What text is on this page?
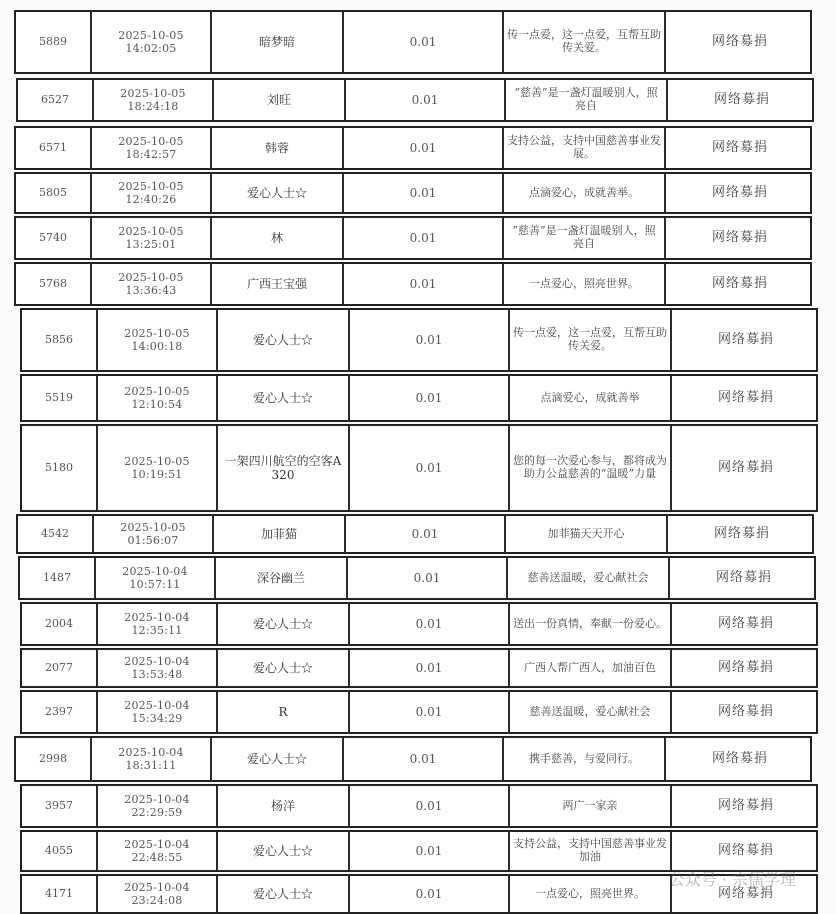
5889
2025-10-05
14:02:05	暗梦暗	0.01	传一点爱，这一点爱，互帮互助传关爱。	网络募捐
6527
2025-10-05
18:24:18	刘旺	0.01	“慈善”是一盏灯温暖别人，照亮自	网络募捐
6571
2025-10-05
18:42:57	韩蓉	0.01	支持公益，支持中国慈善事业发展。	网络募捐
5805
2025-10-05
12:40:26	爱心人士☆	0.01	点滴爱心，成就善举。	网络募捐
5740
2025-10-05
13:25:01	林	0.01	“慈善”是一盏灯温暖别人，照亮自	网络募捐
5768
2025-10-05
13:36:43	广西王宝强	0.01	一点爱心，照亮世界。	网络募捐
5856
2025-10-05
14:00:18	爱心人士☆	0.01	传一点爱，这一点爱，互帮互助传关爱。	网络募捐
5519
2025-10-05
12:10:54	爱心人士☆	0.01	点滴爱心，成就善举	网络募捐
5180
2025-10-05
10:19:51
一架四川航空的空客A320
0.01	您的每一次爱心参与，都将成为助力公益慈善的“温暖”力量	网络募捐
4542
2025-10-05
01:56:07	加菲猫	0.01	加菲猫天天开心	网络募捐
1487
2025-10-04
10:57:11	深谷幽兰	0.01	慈善送温暖，爱心献社会	网络募捐
2004
2025-10-04
12:35:11	爱心人士☆	0.01	送出一份真情，奉献一份爱心。	网络募捐
2077
2025-10-04
13:53:48	爱心人士☆	0.01	广西人帮广西人，加油百色	网络募捐
2397
2025-10-04
15:34:29	R	0.01	慈善送温暖，爱心献社会	网络募捐
2998
2025-10-04
18:31:11	爱心人士☆	0.01	携手慈善，与爱同行。	网络募捐
3957
2025-10-04
22:29:59	杨洋	0.01	两广一家亲	网络募捐
4055
2025-10-04
22:48:55	爱心人士☆	0.01	支持公益，支持中国慈善事业发加油	网络募捐
4171
2025-10-04
23:24:08	爱心人士☆	0.01	一点爱心，照亮世界。	网络募捐
公众号 · 宗儒学理
